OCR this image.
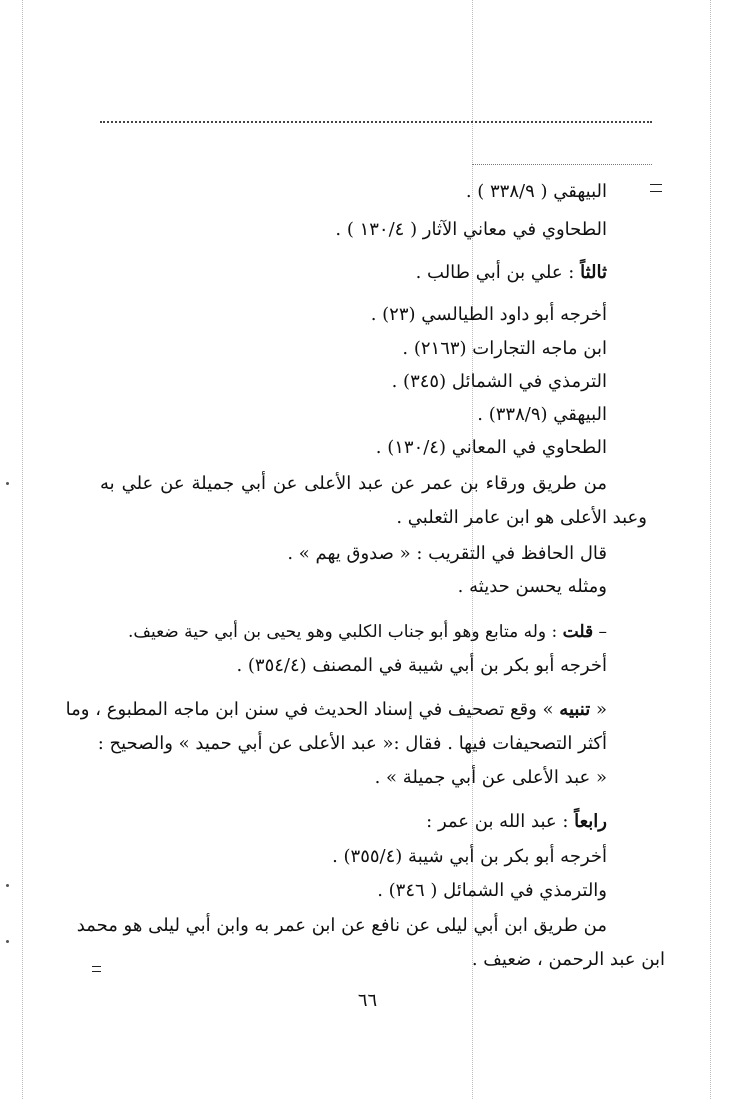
البيهقي ( ٣٣٨/٩ ) .
الطحاوي في معاني الآثار ( ١٣٠/٤ ) .
ثالثاً : علي بن أبي طالب .
أخرجه أبو داود الطيالسي (٢٣) .
ابن ماجه التجارات (٢١٦٣) .
الترمذي في الشمائل (٣٤٥) .
البيهقي (٣٣٨/٩) .
الطحاوي في المعاني (١٣٠/٤) .
من طريق ورقاء بن عمر عن عبد الأعلى عن أبي جميلة عن علي به
وعبد الأعلى هو ابن عامر الثعلبي .
قال الحافظ في التقريب : « صدوق يهم » .
ومثله يحسن حديثه .
– قلت : وله متابع وهو أبو جناب الكلبي وهو يحيى بن أبي حية ضعيف.
أخرجه أبو بكر بن أبي شيبة في المصنف (٣٥٤/٤) .
« تنبيه » وقع تصحيف في إسناد الحديث في سنن ابن ماجه المطبوع ، وما
أكثر التصحيفات فيها . فقال :« عبد الأعلى عن أبي حميد » والصحيح :
« عبد الأعلى عن أبي جميلة » .
رابعاً : عبد الله بن عمر :
أخرجه أبو بكر بن أبي شيبة (٣٥٥/٤) .
والترمذي في الشمائل ( ٣٤٦) .
من طريق ابن أبي ليلى عن نافع عن ابن عمر به وابن أبي ليلى هو محمد
ابن عبد الرحمن ، ضعيف .
٦٦
